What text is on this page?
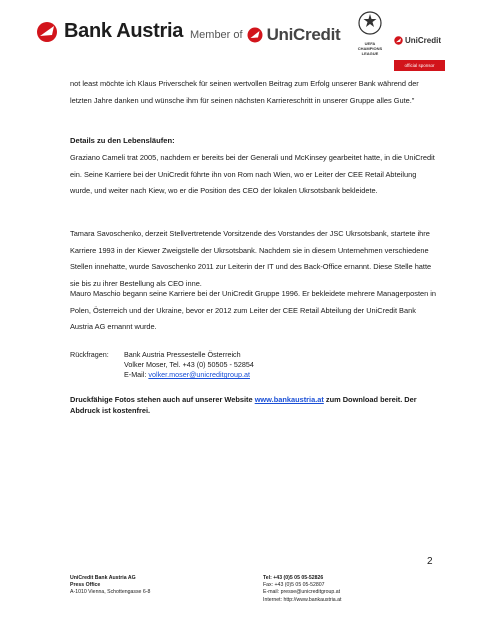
Bank Austria Member of UniCredit	UEFA
CHAMPIONS
LEAGUE
UniCredit
official sponsor
not least möchte ich Klaus Priverschek für seinen wertvollen Beitrag zum Erfolg unserer Bank während der letzten Jahre danken und wünsche ihm für seinen nächsten Karriereschritt in unserer Gruppe alles Gute."
Details zu den Lebensläufen:
Graziano Cameli trat 2005, nachdem er bereits bei der Generali und McKinsey gearbeitet hatte, in die UniCredit ein. Seine Karriere bei der UniCredit führte ihn von Rom nach Wien, wo er Leiter der CEE Retail Abteilung wurde, und weiter nach Kiew, wo er die Position des CEO der lokalen Ukrsotsbank bekleidete.
Tamara Savoschenko, derzeit Stellvertretende Vorsitzende des Vorstandes der JSC Ukrsotsbank, startete ihre Karriere 1993 in der Kiewer Zweigstelle der Ukrsotsbank. Nachdem sie in diesem Unternehmen verschiedene Stellen innehatte, wurde Savoschenko 2011 zur Leiterin der IT und des Back-Office ernannt. Diese Stelle hatte sie bis zu ihrer Bestellung als CEO inne.
Mauro Maschio begann seine Karriere bei der UniCredit Gruppe 1996. Er bekleidete mehrere Managerposten in Polen, Österreich und der Ukraine, bevor er 2012 zum Leiter der CEE Retail Abteilung der UniCredit Bank Austria AG ernannt wurde.
Rückfragen: Bank Austria Pressestelle Österreich
Volker Moser, Tel. +43 (0) 50505 - 52854
E-Mail: volker.moser@unicreditgroup.at
Druckfähige Fotos stehen auch auf unserer Website www.bankaustria.at zum Download bereit. Der Abdruck ist kostenfrei.
2
UniCredit Bank Austria AG
Press Office
A-1010 Vienna, Schottengasse 6-8
Tel: +43 (0)5 05 05-52826
Fax: +43 (0)5 05 05-52807
E-mail: presse@unicreditgroup.at
Internet: http://www.bankaustria.at
